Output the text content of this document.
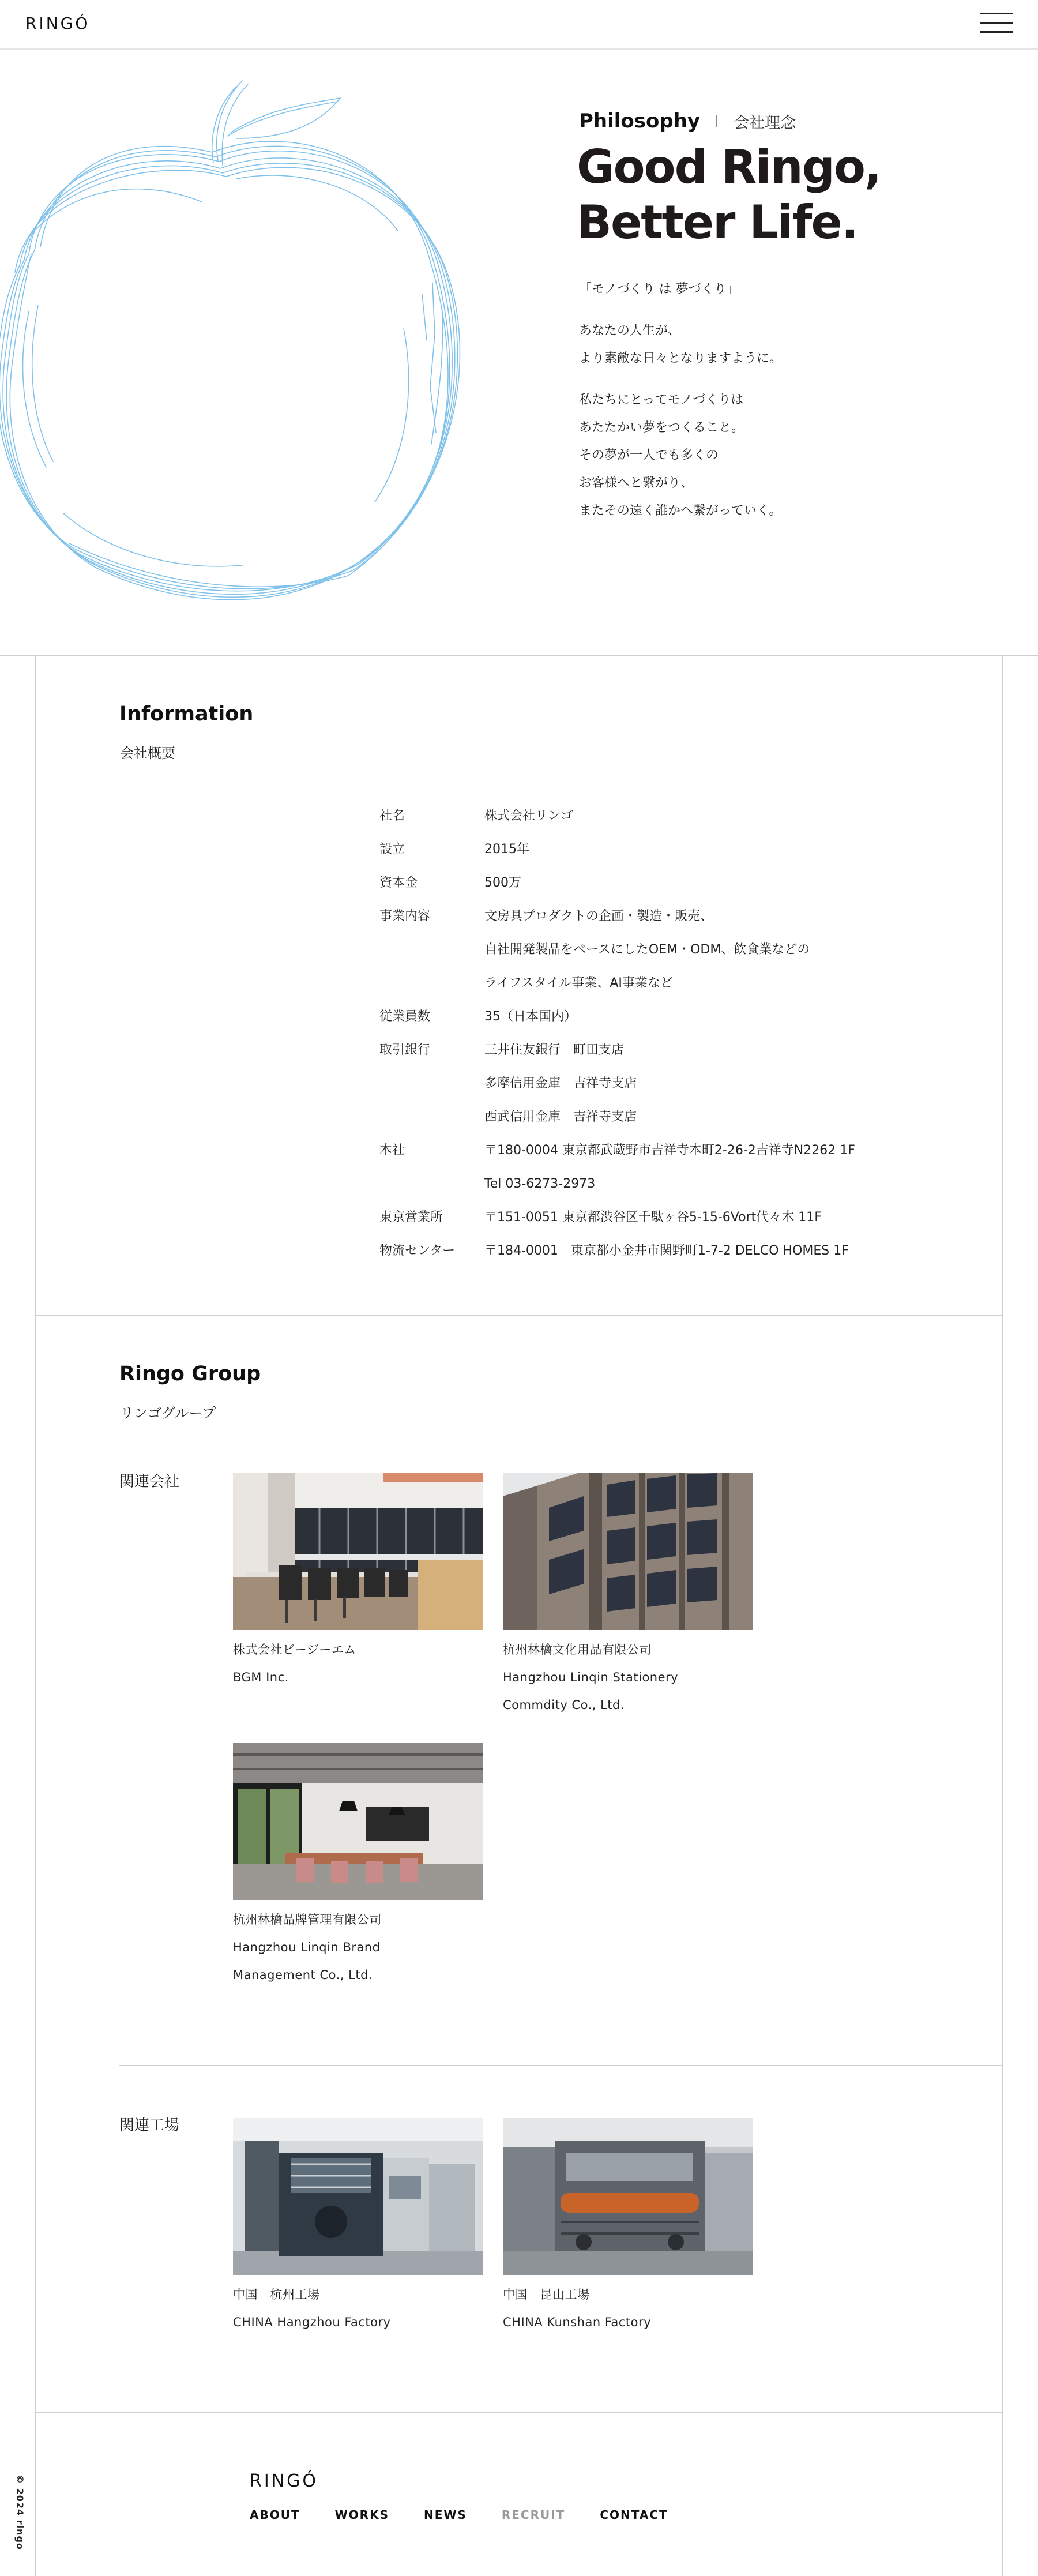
RINGÓ
Philosophy 会社理念
Good Ringo,
Better Life.
「モノづくり は 夢づくり」
あなたの人生が、
より素敵な日々となりますように。
私たちにとってモノづくりは
あたたかい夢をつくること。
その夢が一人でも多くの
お客様へと繋がり、
またその遠く誰かへ繋がっていく。
Information
会社概要
社名	株式会社リンゴ
設立	2015年
資本金	500万
事業内容	文房具プロダクトの企画・製造・販売、
自社開発製品をベースにしたOEM・ODM、飲食業などの
ライフスタイル事業、AI事業など
従業員数	35（日本国内）
取引銀行	三井住友銀行　町田支店
多摩信用金庫　吉祥寺支店
西武信用金庫　吉祥寺支店
本社	〒180-0004 東京都武蔵野市吉祥寺本町2-26-2吉祥寺N2262 1F
Tel 03-6273-2973
東京営業所	〒151-0051 東京都渋谷区千駄ヶ谷5-15-6Vort代々木 11F
物流センター	〒184-0001　東京都小金井市関野町1-7-2 DELCO HOMES 1F
Ringo Group
リンゴグループ
関連会社
株式会社ビージーエム
BGM Inc.
杭州林檎文化用品有限公司
Hangzhou Linqin Stationery
Commdity Co., Ltd.
杭州林檎品牌管理有限公司
Hangzhou Linqin Brand
Management Co., Ltd.
関連工場
中国　杭州工場
CHINA Hangzhou Factory
中国　昆山工場
CHINA Kunshan Factory
RINGÓ
ABOUT	WORKS	NEWS	RECRUIT	CONTACT
© 2024 ringo
